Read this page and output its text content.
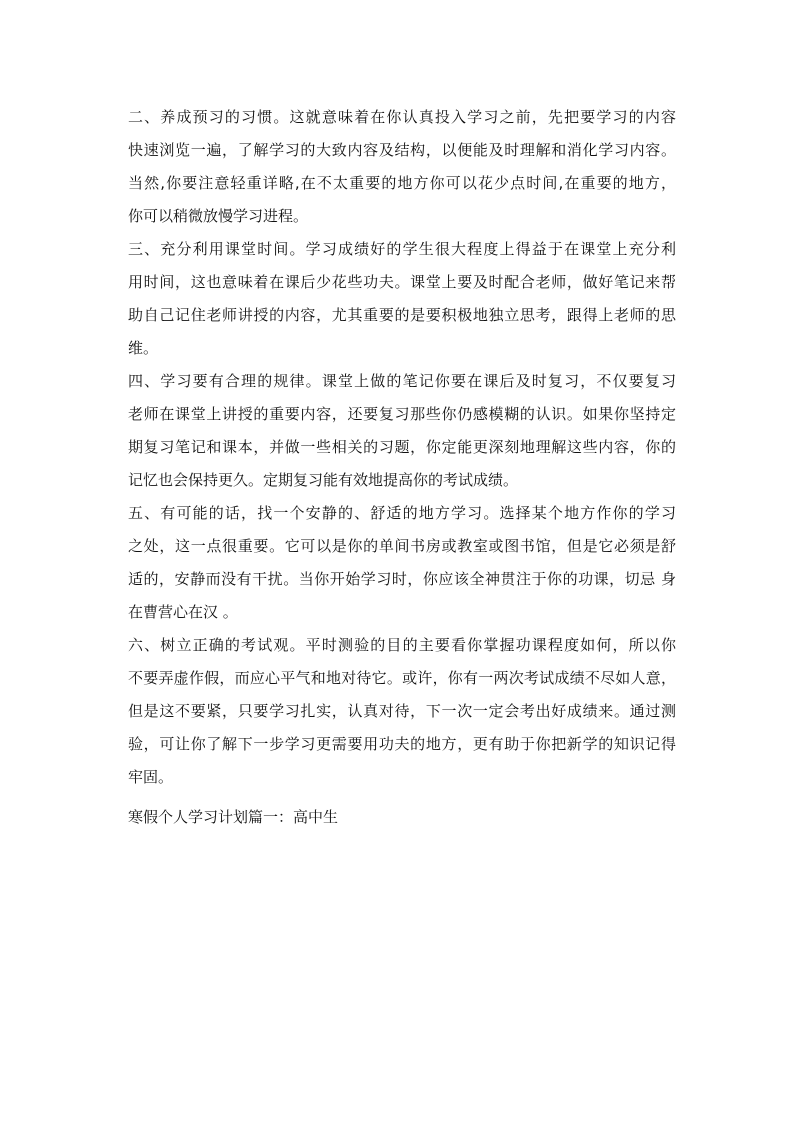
二、养成预习的习惯。这就意味着在你认真投入学习之前，先把要学习的内容
快速浏览一遍，了解学习的大致内容及结构，以便能及时理解和消化学习内容。
当然,你要注意轻重详略,在不太重要的地方你可以花少点时间,在重要的地方，
你可以稍微放慢学习进程。

三、充分利用课堂时间。学习成绩好的学生很大程度上得益于在课堂上充分利
用时间，这也意味着在课后少花些功夫。课堂上要及时配合老师，做好笔记来帮
助自己记住老师讲授的内容，尤其重要的是要积极地独立思考，跟得上老师的思
维。

四、学习要有合理的规律。课堂上做的笔记你要在课后及时复习，不仅要复习
老师在课堂上讲授的重要内容，还要复习那些你仍感模糊的认识。如果你坚持定
期复习笔记和课本，并做一些相关的习题，你定能更深刻地理解这些内容，你的
记忆也会保持更久。定期复习能有效地提高你的考试成绩。

五、有可能的话，找一个安静的、舒适的地方学习。选择某个地方作你的学习
之处，这一点很重要。它可以是你的单间书房或教室或图书馆，但是它必须是舒
适的，安静而没有干扰。当你开始学习时，你应该全神贯注于你的功课，切忌 身
在曹营心在汉 。

六、树立正确的考试观。平时测验的目的主要看你掌握功课程度如何，所以你
不要弄虚作假，而应心平气和地对待它。或许，你有一两次考试成绩不尽如人意，
但是这不要紧，只要学习扎实，认真对待，下一次一定会考出好成绩来。通过测
验，可让你了解下一步学习更需要用功夫的地方，更有助于你把新学的知识记得
牢固。

寒假个人学习计划篇一：高中生
